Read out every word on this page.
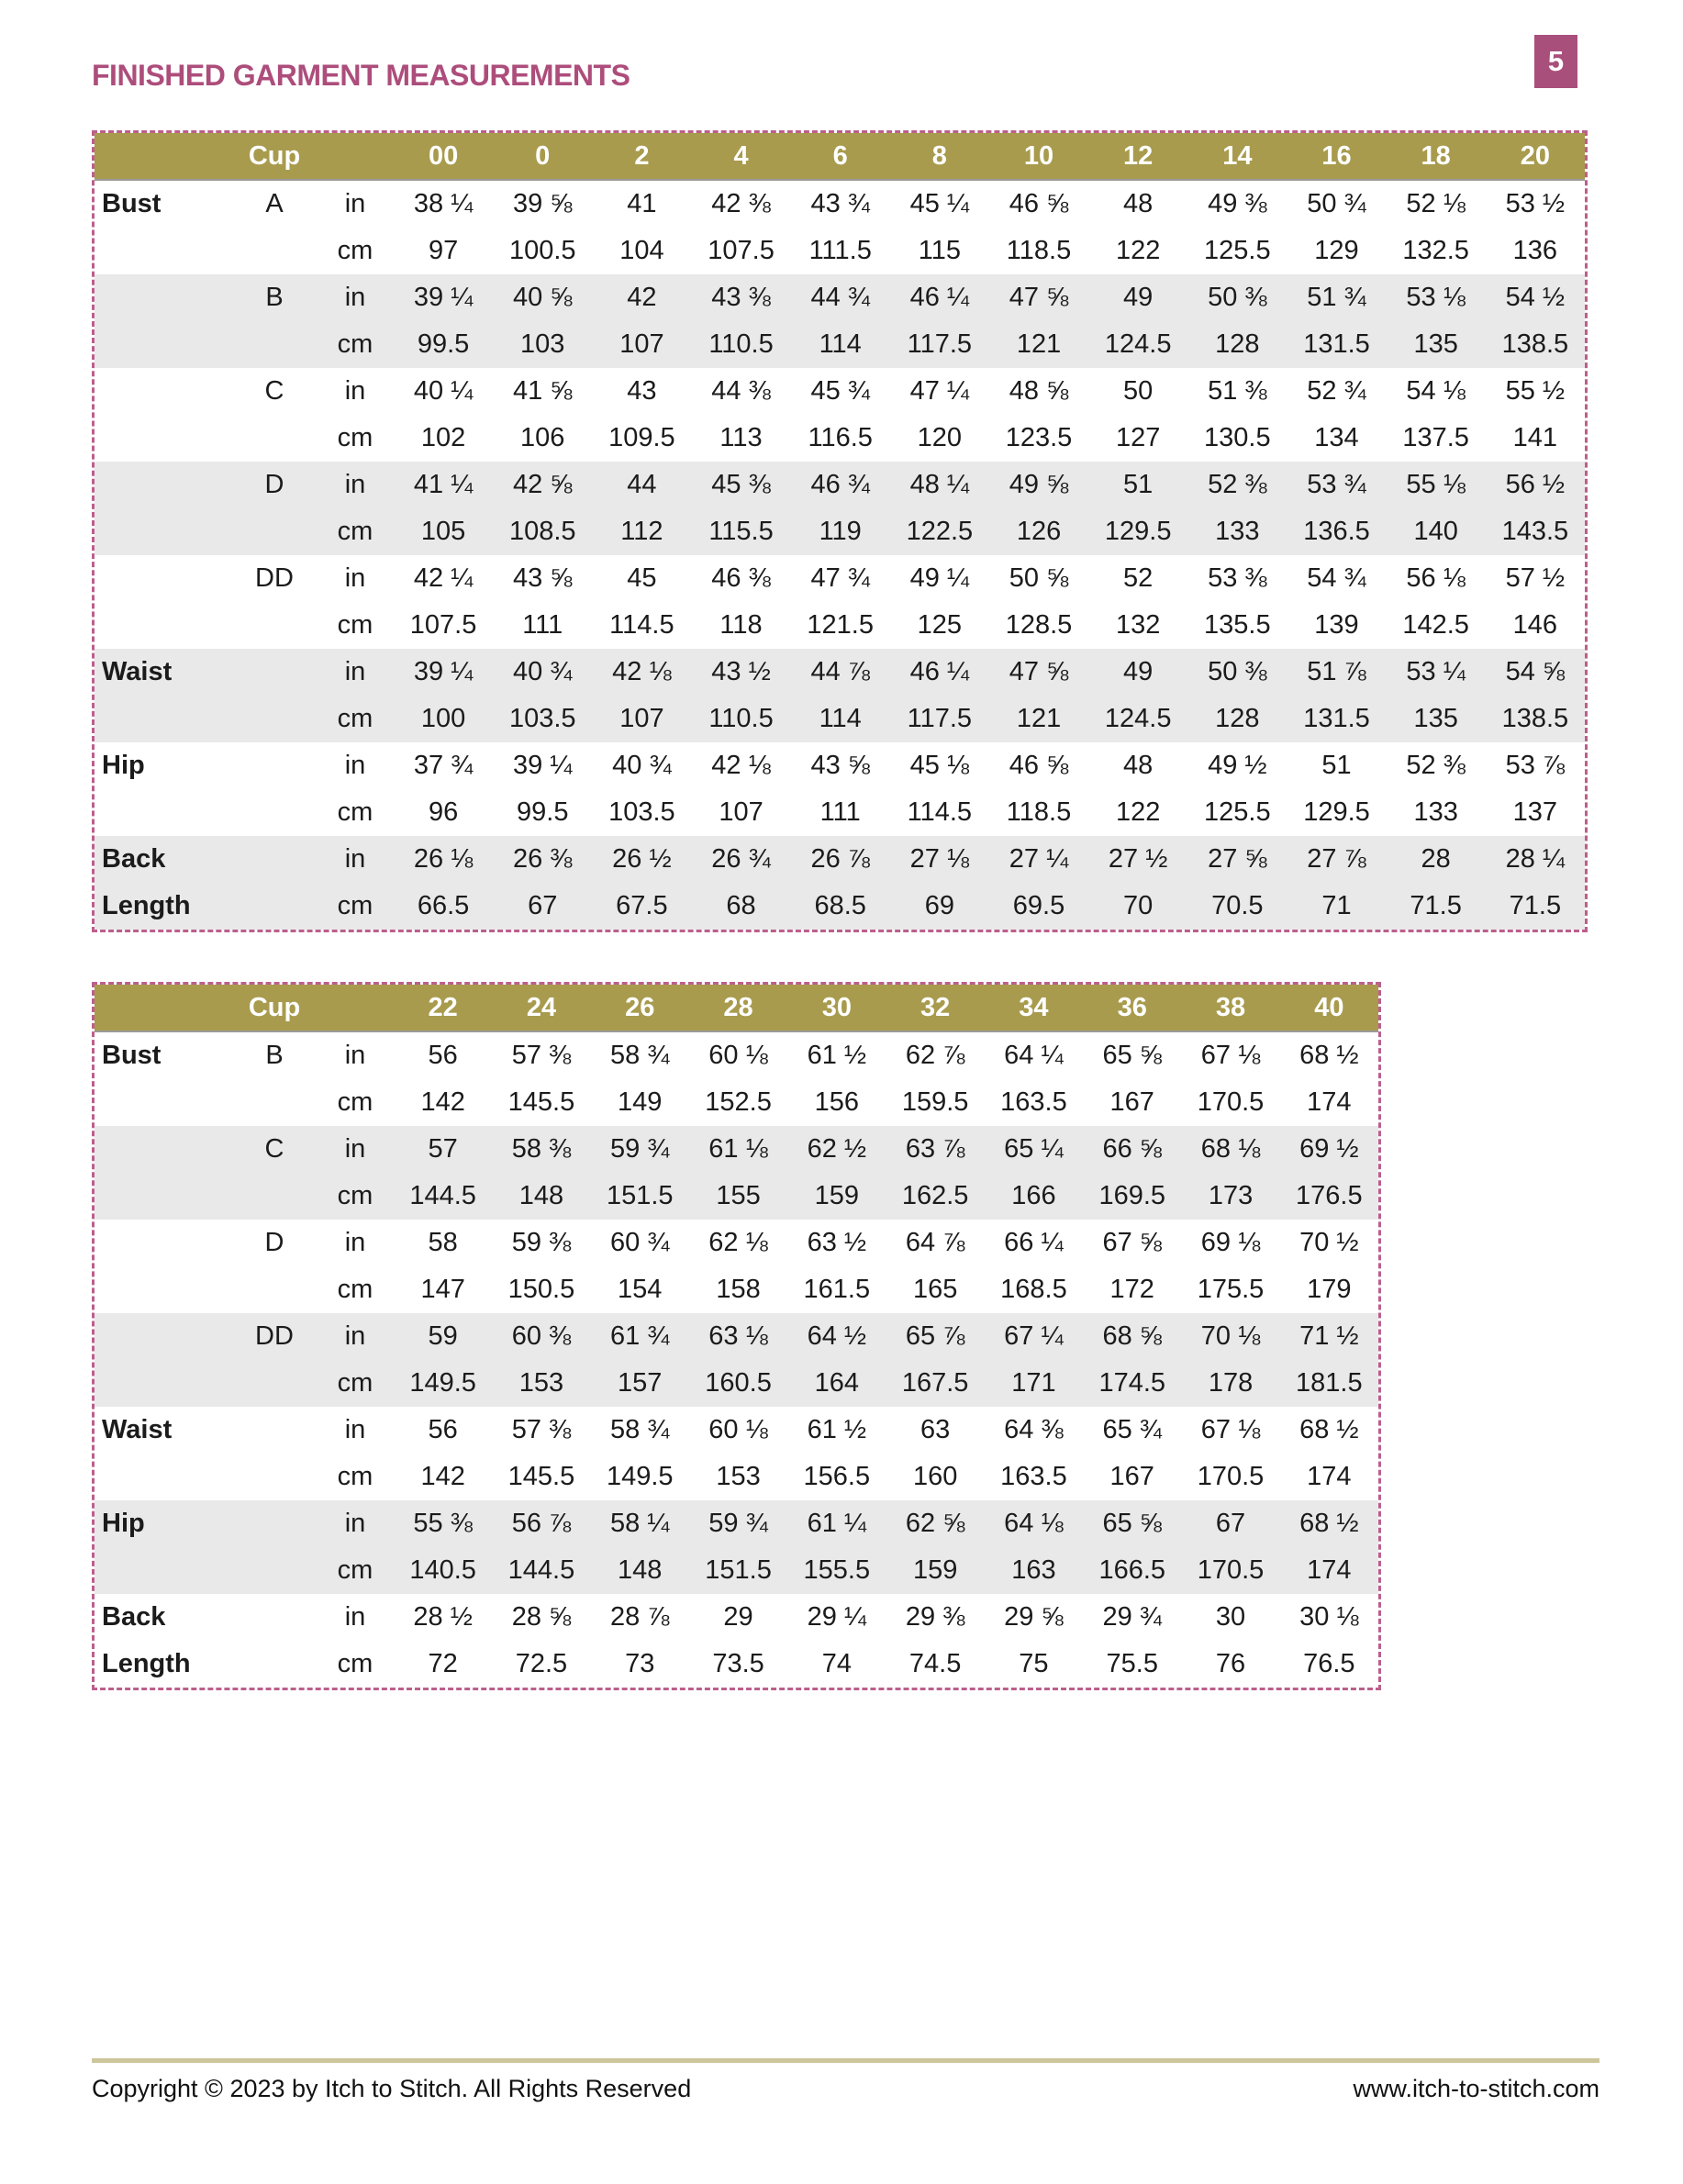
5
FINISHED GARMENT MEASUREMENTS
	Cup		00	0	2	4	6	8	10	12	14	16	18	20
Bust	A	in	38 ¼	39 ⅝	41	42 ⅜	43 ¾	45 ¼	46 ⅝	48	49 ⅜	50 ¾	52 ⅛	53 ½
		cm	97	100.5	104	107.5	111.5	115	118.5	122	125.5	129	132.5	136
	B	in	39 ¼	40 ⅝	42	43 ⅜	44 ¾	46 ¼	47 ⅝	49	50 ⅜	51 ¾	53 ⅛	54 ½
		cm	99.5	103	107	110.5	114	117.5	121	124.5	128	131.5	135	138.5
	C	in	40 ¼	41 ⅝	43	44 ⅜	45 ¾	47 ¼	48 ⅝	50	51 ⅜	52 ¾	54 ⅛	55 ½
		cm	102	106	109.5	113	116.5	120	123.5	127	130.5	134	137.5	141
	D	in	41 ¼	42 ⅝	44	45 ⅜	46 ¾	48 ¼	49 ⅝	51	52 ⅜	53 ¾	55 ⅛	56 ½
		cm	105	108.5	112	115.5	119	122.5	126	129.5	133	136.5	140	143.5
	DD	in	42 ¼	43 ⅝	45	46 ⅜	47 ¾	49 ¼	50 ⅝	52	53 ⅜	54 ¾	56 ⅛	57 ½
		cm	107.5	111	114.5	118	121.5	125	128.5	132	135.5	139	142.5	146
Waist		in	39 ¼	40 ¾	42 ⅛	43 ½	44 ⅞	46 ¼	47 ⅝	49	50 ⅜	51 ⅞	53 ¼	54 ⅝
		cm	100	103.5	107	110.5	114	117.5	121	124.5	128	131.5	135	138.5
Hip		in	37 ¾	39 ¼	40 ¾	42 ⅛	43 ⅝	45 ⅛	46 ⅝	48	49 ½	51	52 ⅜	53 ⅞
		cm	96	99.5	103.5	107	111	114.5	118.5	122	125.5	129.5	133	137
Back		in	26 ⅛	26 ⅜	26 ½	26 ¾	26 ⅞	27 ⅛	27 ¼	27 ½	27 ⅝	27 ⅞	28	28 ¼
Length		cm	66.5	67	67.5	68	68.5	69	69.5	70	70.5	71	71.5	71.5
	Cup		22	24	26	28	30	32	34	36	38	40
Bust	B	in	56	57 ⅜	58 ¾	60 ⅛	61 ½	62 ⅞	64 ¼	65 ⅝	67 ⅛	68 ½
		cm	142	145.5	149	152.5	156	159.5	163.5	167	170.5	174
	C	in	57	58 ⅜	59 ¾	61 ⅛	62 ½	63 ⅞	65 ¼	66 ⅝	68 ⅛	69 ½
		cm	144.5	148	151.5	155	159	162.5	166	169.5	173	176.5
	D	in	58	59 ⅜	60 ¾	62 ⅛	63 ½	64 ⅞	66 ¼	67 ⅝	69 ⅛	70 ½
		cm	147	150.5	154	158	161.5	165	168.5	172	175.5	179
	DD	in	59	60 ⅜	61 ¾	63 ⅛	64 ½	65 ⅞	67 ¼	68 ⅝	70 ⅛	71 ½
		cm	149.5	153	157	160.5	164	167.5	171	174.5	178	181.5
Waist		in	56	57 ⅜	58 ¾	60 ⅛	61 ½	63	64 ⅜	65 ¾	67 ⅛	68 ½
		cm	142	145.5	149.5	153	156.5	160	163.5	167	170.5	174
Hip		in	55 ⅜	56 ⅞	58 ¼	59 ¾	61 ¼	62 ⅝	64 ⅛	65 ⅝	67	68 ½
		cm	140.5	144.5	148	151.5	155.5	159	163	166.5	170.5	174
Back		in	28 ½	28 ⅝	28 ⅞	29	29 ¼	29 ⅜	29 ⅝	29 ¾	30	30 ⅛
Length		cm	72	72.5	73	73.5	74	74.5	75	75.5	76	76.5
Copyright © 2023 by Itch to Stitch. All Rights Reserved	www.itch-to-stitch.com
